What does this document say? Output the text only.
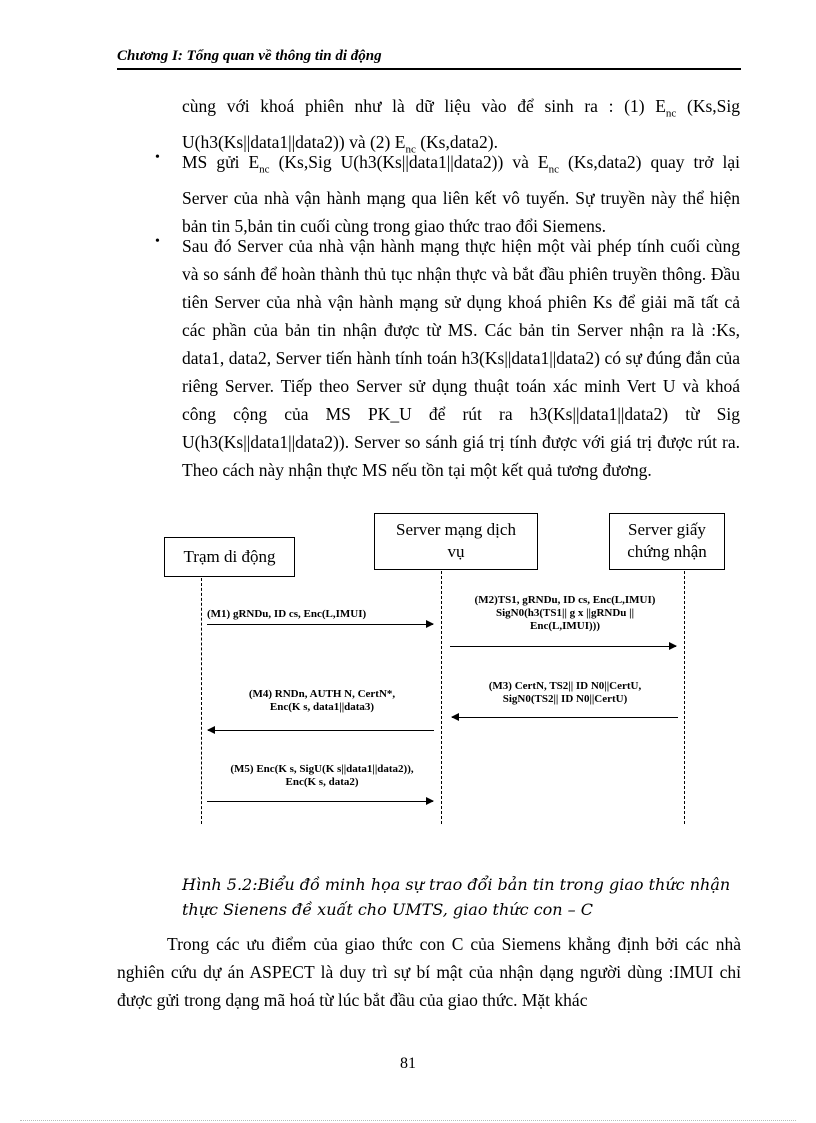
Chương I: Tổng quan về thông tin di động
cùng với khoá phiên như là dữ liệu vào để sinh ra : (1) $E_{nc}$ (Ks,Sig U(h3(Ks||data1||data2)) và (2) $E_{nc}$ (Ks,data2).
• MS gửi $E_{nc}$ (Ks,Sig U(h3(Ks||data1||data2)) và $E_{nc}$ (Ks,data2) quay trở lại Server của nhà vận hành mạng qua liên kết vô tuyến. Sự truyền này thể hiện bản tin 5,bản tin cuối cùng trong giao thức trao đổi Siemens.
• Sau đó Server của nhà vận hành mạng thực hiện một vài phép tính cuối cùng và so sánh để hoàn thành thủ tục nhận thực và bắt đầu phiên truyền thông. Đầu tiên Server của nhà vận hành mạng sử dụng khoá phiên Ks để giải mã tất cả các phần của bản tin nhận được từ MS. Các bản tin Server nhận ra là :Ks, data1, data2, Server tiến hành tính toán h3(Ks||data1||data2) có sự đúng đắn của riêng Server. Tiếp theo Server sử dụng thuật toán xác minh Vert U và khoá công cộng của MS PK_U để rút ra h3(Ks||data1||data2) từ Sig U(h3(Ks||data1||data2)). Server so sánh giá trị tính được với giá trị được rút ra. Theo cách này nhận thực MS nếu tồn tại một kết quả tương đương.
Trạm di động
Server mạng dịch
vụ
Server giấy
chứng nhận
(M1) gRNDu, ID cs, Enc(L,IMUI)
(M2)TS1, gRNDu, ID cs, Enc(L,IMUI)
SigN0(h3(TS1|| g x ||gRNDu ||
Enc(L,IMUI)))
(M3) CertN, TS2|| ID N0||CertU,
SigN0(TS2|| ID N0||CertU)
(M4) RNDn, AUTH N, CertN*,
Enc(K s, data1||data3)
(M5) Enc(K s, SigU(K s||data1||data2)),
Enc(K s, data2)
Hình 5.2:Biểu đồ minh họa sự trao đổi bản tin trong giao thức nhận thực Sienens đề xuất cho UMTS, giao thức con – C
Trong các ưu điểm của giao thức con C của Siemens khẳng định bởi các nhà nghiên cứu dự án ASPECT là duy trì sự bí mật của nhận dạng người dùng :IMUI chỉ được gửi trong dạng mã hoá từ lúc bắt đầu của giao thức. Mặt khác
81
